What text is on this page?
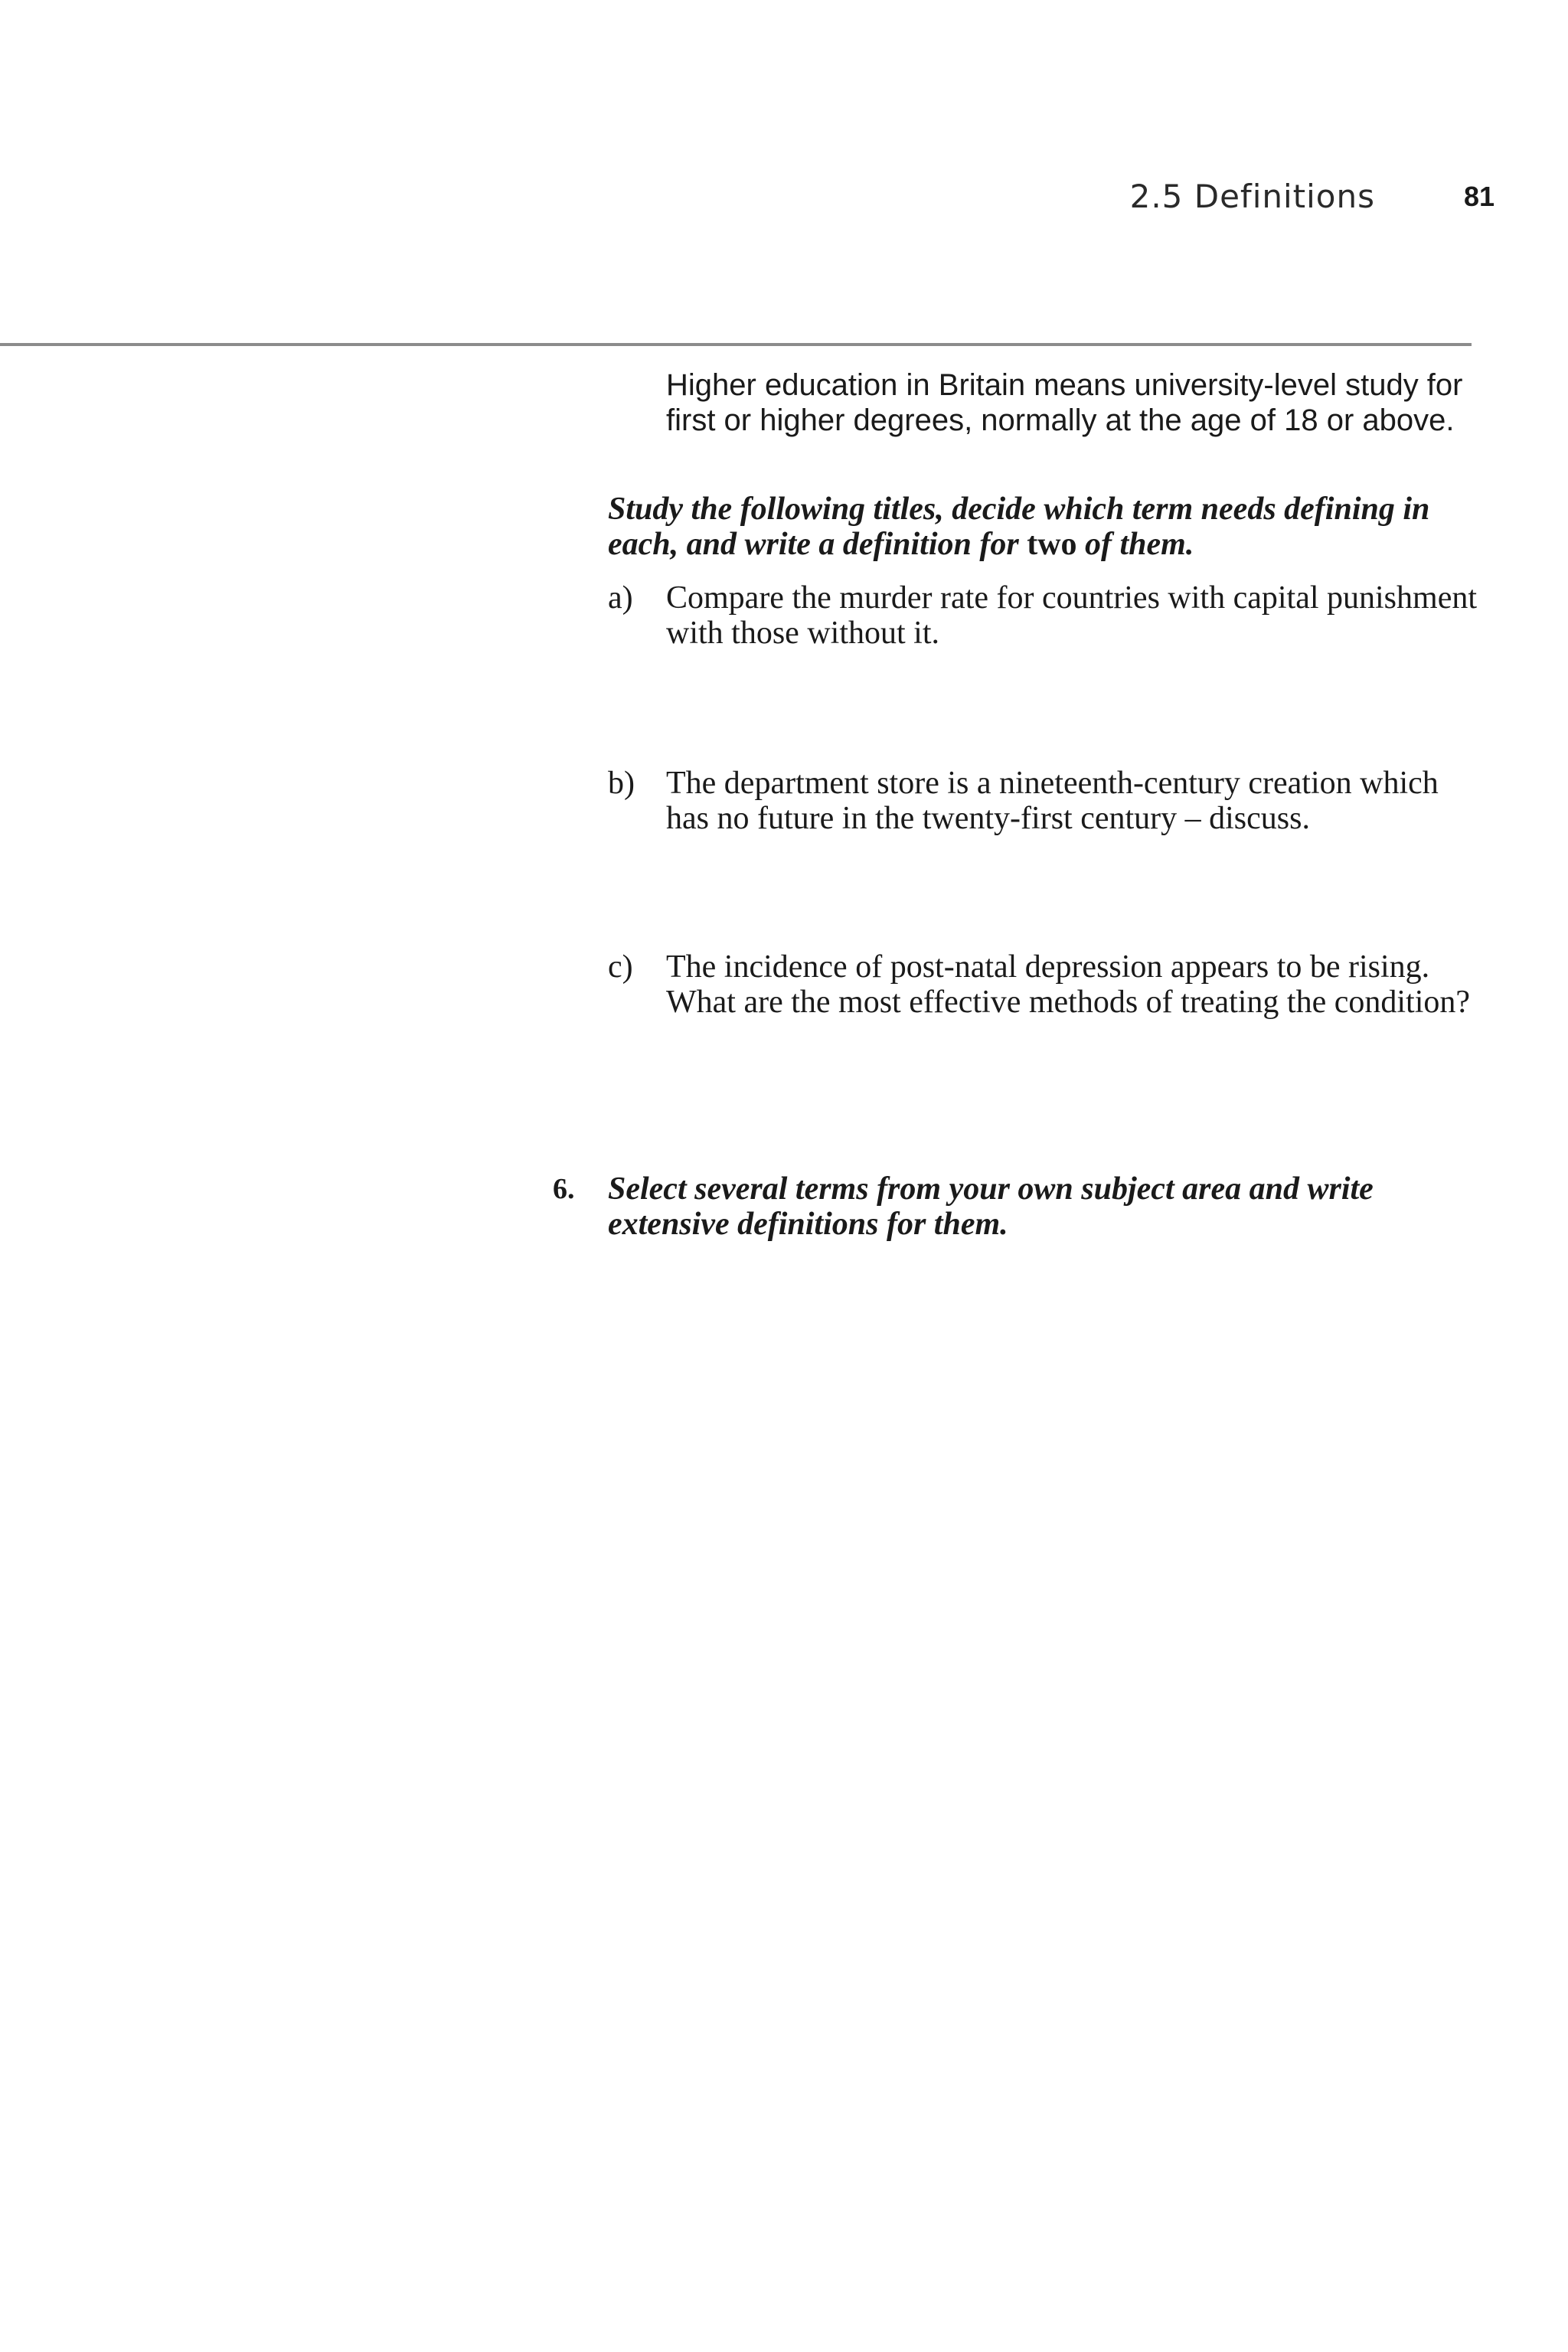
2.5 Definitions	81
Higher education in Britain means university-level study for first or higher degrees, normally at the age of 18 or above.
Study the following titles, decide which term needs defining in each, and write a definition for two of them.
a) Compare the murder rate for countries with capital punishment with those without it.
b) The department store is a nineteenth-century creation which has no future in the twenty-first century – discuss.
c) The incidence of post-natal depression appears to be rising. What are the most effective methods of treating the condition?
6. Select several terms from your own subject area and write extensive definitions for them.
